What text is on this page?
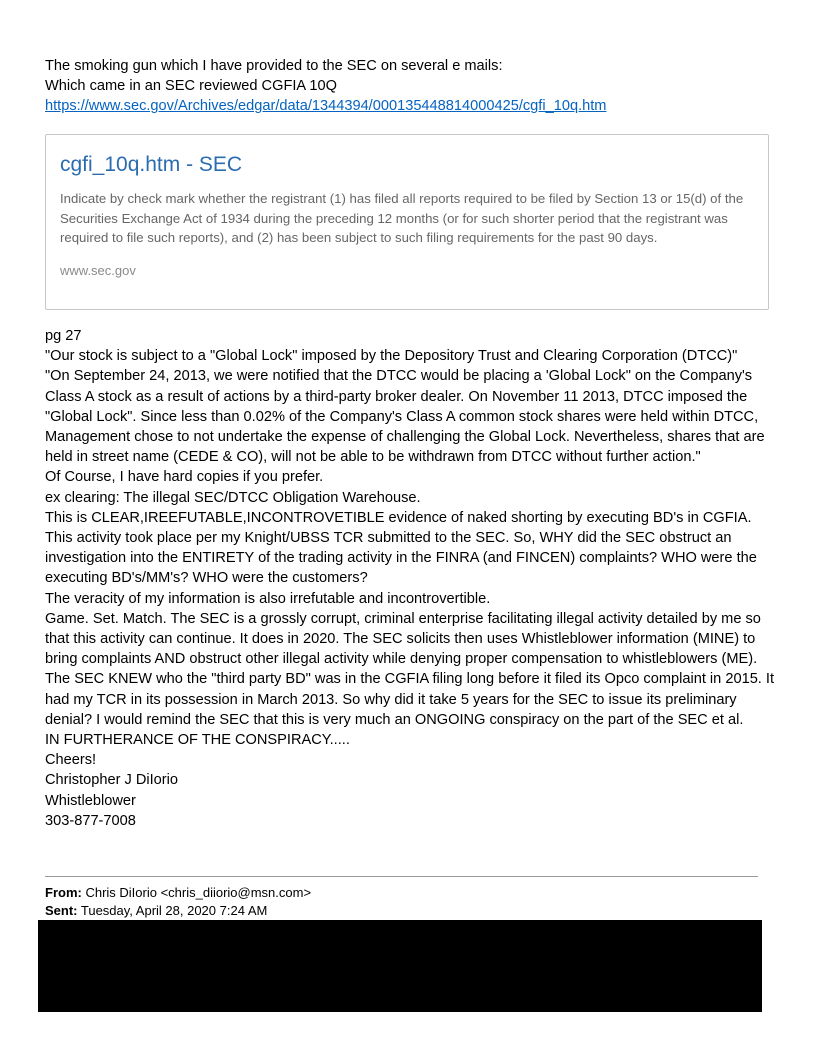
The smoking gun which I have provided to the SEC on several e mails:
Which came in an SEC reviewed CGFIA 10Q
https://www.sec.gov/Archives/edgar/data/1344394/000135448814000425/cgfi_10q.htm
cgfi_10q.htm - SEC
Indicate by check mark whether the registrant (1) has filed all reports required to be filed by Section 13 or 15(d) of the Securities Exchange Act of 1934 during the preceding 12 months (or for such shorter period that the registrant was required to file such reports), and (2) has been subject to such filing requirements for the past 90 days.
www.sec.gov
pg 27
"Our stock is subject to a "Global Lock" imposed by the Depository Trust and Clearing Corporation (DTCC)"
"On September 24, 2013, we were notified that the DTCC would be placing a 'Global Lock" on the Company's Class A stock as a result of actions by a third-party broker dealer. On November 11 2013, DTCC imposed the "Global Lock". Since less than 0.02% of the Company's Class A common stock shares were held within DTCC, Management chose to not undertake the expense of challenging the Global Lock. Nevertheless, shares that are held in street name (CEDE & CO), will not be able to be withdrawn from DTCC without further action."
Of Course, I have hard copies if you prefer.
ex clearing: The illegal SEC/DTCC Obligation Warehouse.
This is CLEAR,IREEFUTABLE,INCONTROVETIBLE evidence of naked shorting by executing BD's in CGFIA. This activity took place per my Knight/UBSS TCR submitted to the SEC. So, WHY did the SEC obstruct an investigation into the ENTIRETY of the trading activity in the FINRA (and FINCEN) complaints? WHO were the executing BD's/MM's? WHO were the customers?
The veracity of my information is also irrefutable and incontrovertible.
Game. Set. Match. The SEC is a grossly corrupt, criminal enterprise facilitating illegal activity detailed by me so that this activity can continue. It does in 2020. The SEC solicits then uses Whistleblower information (MINE) to bring complaints AND obstruct other illegal activity while denying proper compensation to whistleblowers (ME). The SEC KNEW who the "third party BD" was in the CGFIA filing long before it filed its Opco complaint in 2015. It had my TCR in its possession in March 2013. So why did it take 5 years for the SEC to issue its preliminary denial? I would remind the SEC that this is very much an ONGOING conspiracy on the part of the SEC et al.
IN FURTHERANCE OF THE CONSPIRACY.....
Cheers!
Christopher J DiIorio
Whistleblower
303-877-7008
From: Chris DiIorio <chris_diiorio@msn.com>
Sent: Tuesday, April 28, 2020 7:24 AM
